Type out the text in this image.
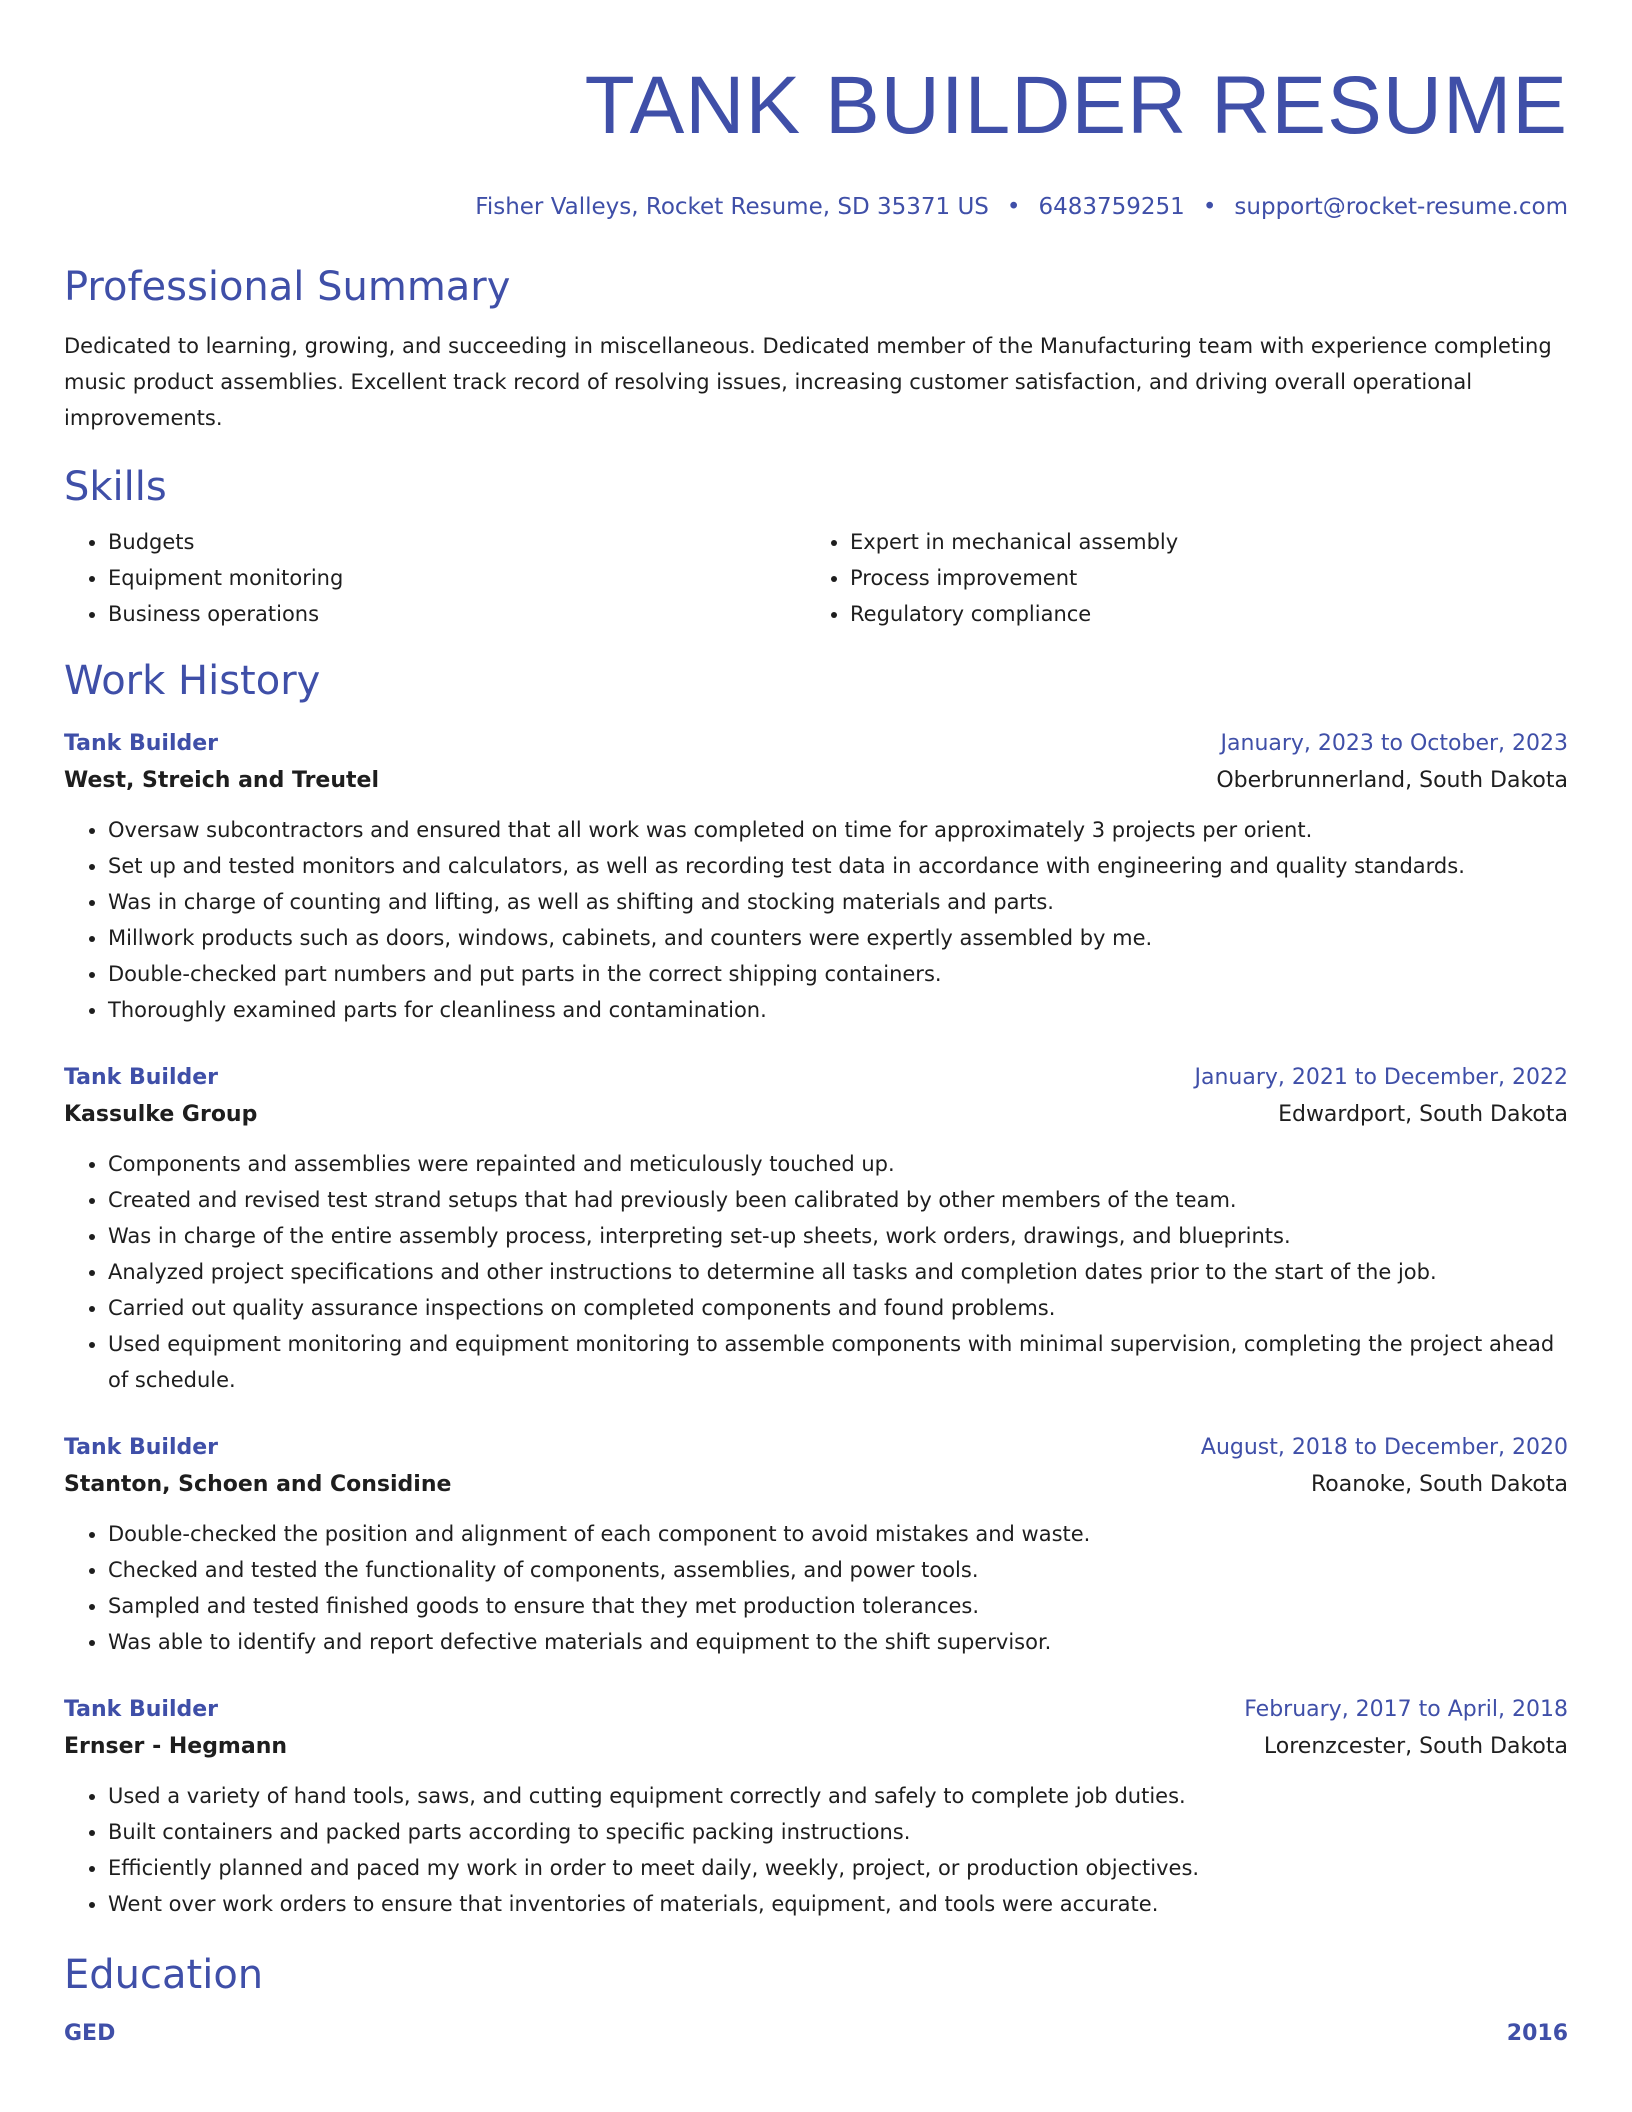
TANK BUILDER RESUME
Fisher Valleys, Rocket Resume, SD 35371 US • 6483759251 • support@rocket-resume.com
Professional Summary
Dedicated to learning, growing, and succeeding in miscellaneous. Dedicated member of the Manufacturing team with experience completing music product assemblies. Excellent track record of resolving issues, increasing customer satisfaction, and driving overall operational improvements.
Skills
• Budgets
• Equipment monitoring
• Business operations
• Expert in mechanical assembly
• Process improvement
• Regulatory compliance
Work History
Tank Builder	January, 2023 to October, 2023
West, Streich and Treutel	Oberbrunnerland, South Dakota
• Oversaw subcontractors and ensured that all work was completed on time for approximately 3 projects per orient.
• Set up and tested monitors and calculators, as well as recording test data in accordance with engineering and quality standards.
• Was in charge of counting and lifting, as well as shifting and stocking materials and parts.
• Millwork products such as doors, windows, cabinets, and counters were expertly assembled by me.
• Double-checked part numbers and put parts in the correct shipping containers.
• Thoroughly examined parts for cleanliness and contamination.
Tank Builder	January, 2021 to December, 2022
Kassulke Group	Edwardport, South Dakota
• Components and assemblies were repainted and meticulously touched up.
• Created and revised test strand setups that had previously been calibrated by other members of the team.
• Was in charge of the entire assembly process, interpreting set-up sheets, work orders, drawings, and blueprints.
• Analyzed project specifications and other instructions to determine all tasks and completion dates prior to the start of the job.
• Carried out quality assurance inspections on completed components and found problems.
• Used equipment monitoring and equipment monitoring to assemble components with minimal supervision, completing the project ahead of schedule.
Tank Builder	August, 2018 to December, 2020
Stanton, Schoen and Considine	Roanoke, South Dakota
• Double-checked the position and alignment of each component to avoid mistakes and waste.
• Checked and tested the functionality of components, assemblies, and power tools.
• Sampled and tested finished goods to ensure that they met production tolerances.
• Was able to identify and report defective materials and equipment to the shift supervisor.
Tank Builder	February, 2017 to April, 2018
Ernser - Hegmann	Lorenzcester, South Dakota
• Used a variety of hand tools, saws, and cutting equipment correctly and safely to complete job duties.
• Built containers and packed parts according to specific packing instructions.
• Efficiently planned and paced my work in order to meet daily, weekly, project, or production objectives.
• Went over work orders to ensure that inventories of materials, equipment, and tools were accurate.
Education
GED	2016
